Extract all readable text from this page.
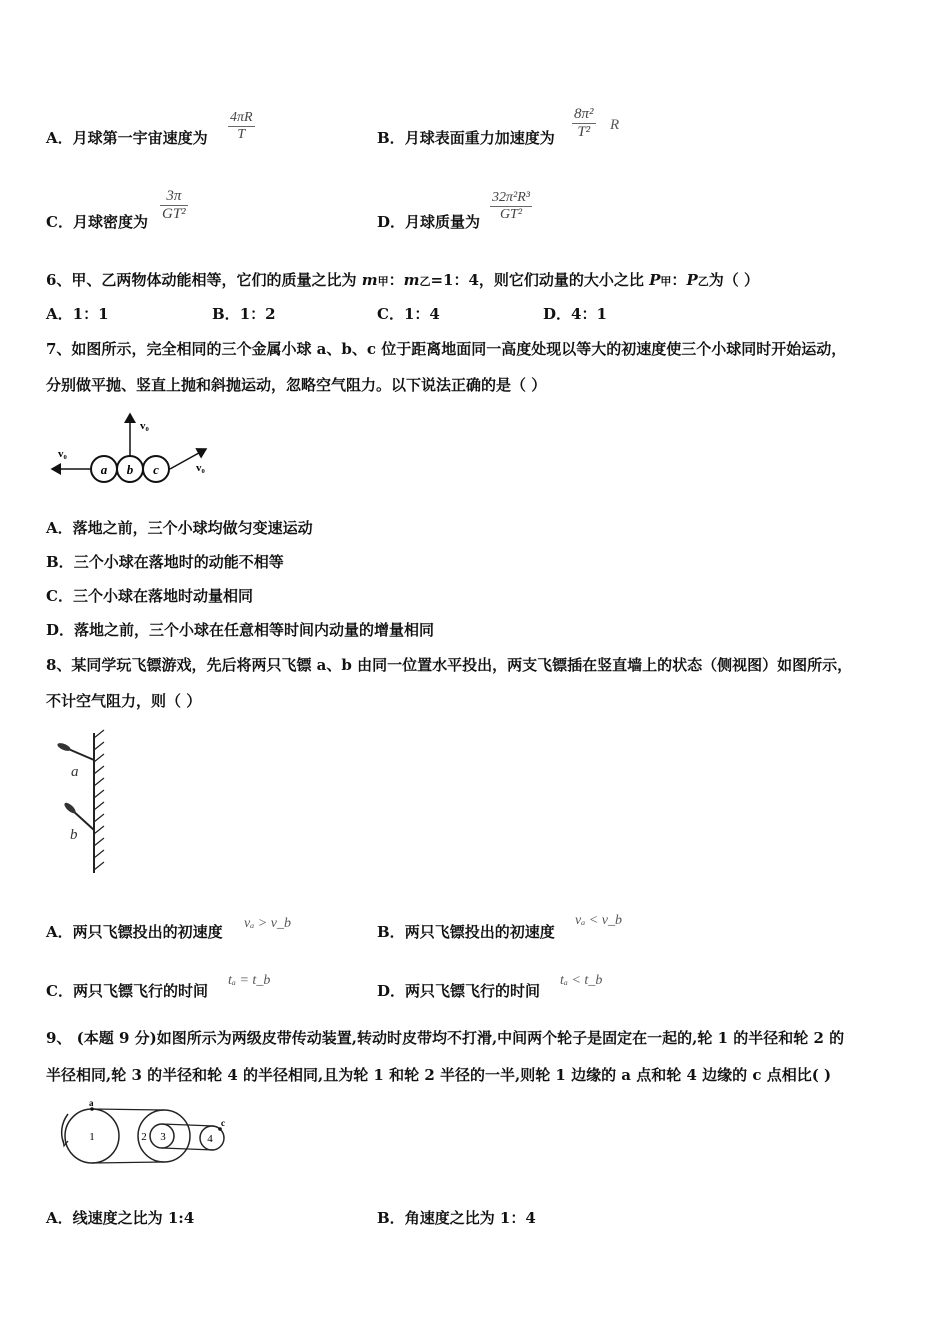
A．月球第一宇宙速度为 $\frac{4\pi R}{T}$	B．月球表面重力加速度为 $\frac{\text{8π²}}{\text{T²}}$ R
C．月球密度为 $\frac{3\pi}{\text{GT²}}$	D．月球质量为 $\frac{\text{32π²R³}}{\text{GT²}}$
6、甲、乙两物体动能相等，它们的质量之比为 m甲：m乙=1：4，则它们动量的大小之比 P甲：P乙为（ ）
A．1：1	B．1：2	C．1：4	D．4：1
7、如图所示，完全相同的三个金属小球 a、b、c 位于距离地面同一高度处现以等大的初速度使三个小球同时开始运动，
分别做平抛、竖直上抛和斜抛运动，忽略空气阻力。以下说法正确的是（ ）
a b c
v₀
v₀
v₀
A．落地之前，三个小球均做匀变速运动
B．三个小球在落地时的动能不相等
C．三个小球在落地时动量相同
D．落地之前，三个小球在任意相等时间内动量的增量相同
8、某同学玩飞镖游戏，先后将两只飞镖 a、b 由同一位置水平投出，两支飞镖插在竖直墙上的状态（侧视图）如图所示，
不计空气阻力，则（ ）
a
b
A．两只飞镖投出的初速度 vₐ > v_b	B．两只飞镖投出的初速度
vₐ < v_b
C．两只飞镖飞行的时间
tₐ = t_b
D．两只飞镖飞行的时间
tₐ < t_b
9、 (本题 9 分)如图所示为两级皮带传动装置,转动时皮带均不打滑,中间两个轮子是固定在一起的,轮 1 的半径和轮 2 的
半径相同,轮 3 的半径和轮 4 的半径相同,且为轮 1 和轮 2 半径的一半,则轮 1 边缘的 a 点和轮 4 边缘的 c 点相比( )
a
c
1	2 3	4
A．线速度之比为 1:4	B．角速度之比为 1：4
